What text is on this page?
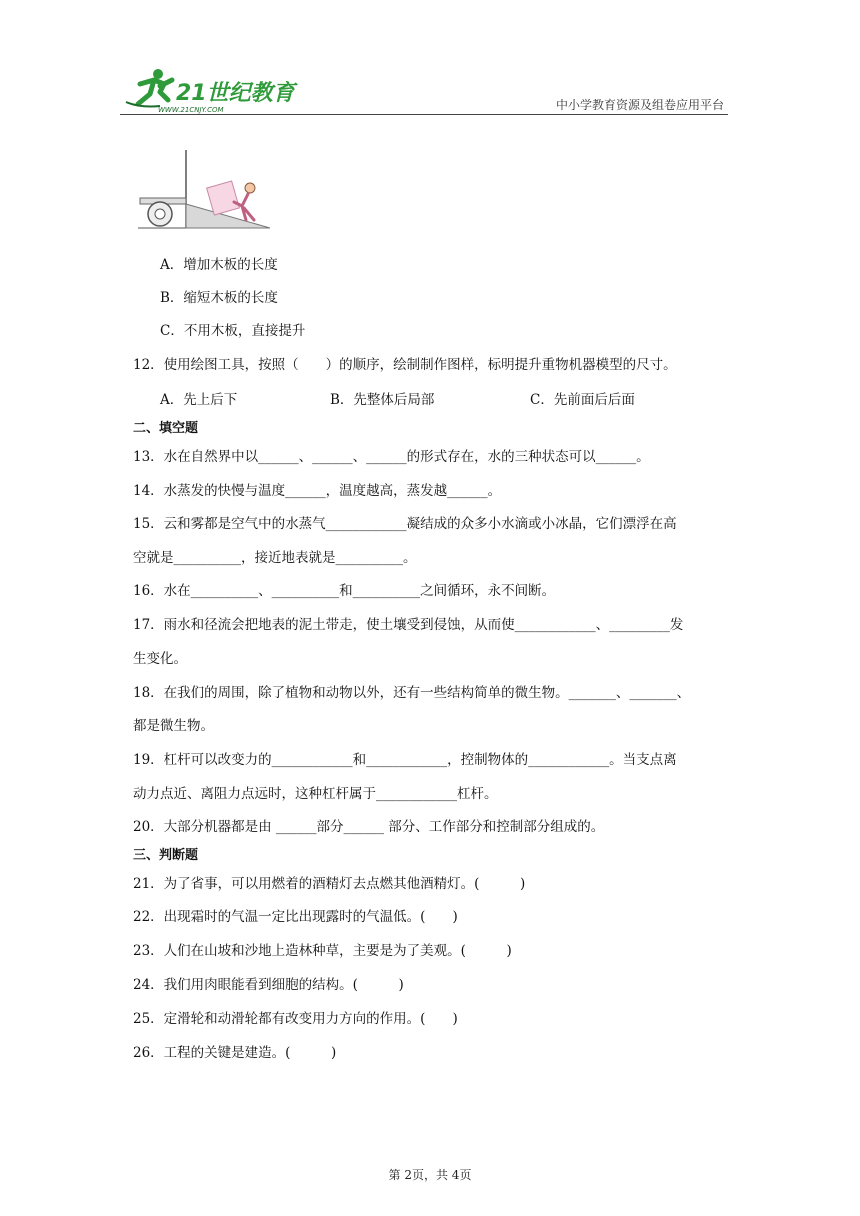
21世纪教育
WWW.21CNJY.COM	中小学教育资源及组卷应用平台
A．增加木板的长度
B．缩短木板的长度
C．不用木板，直接提升
12．使用绘图工具，按照（　　）的顺序，绘制制作图样，标明提升重物机器模型的尺寸。
A．先上后下	B．先整体后局部	C．先前面后后面
二、填空题
13．水在自然界中以______、______、______的形式存在，水的三种状态可以______。
14．水蒸发的快慢与温度______，温度越高，蒸发越______。
15．云和雾都是空气中的水蒸气____________凝结成的众多小水滴或小冰晶，它们漂浮在高
空就是__________，接近地表就是__________。
16．水在__________、__________和__________之间循环，永不间断。
17．雨水和径流会把地表的泥土带走，使土壤受到侵蚀，从而使____________、_________发
生变化。
18．在我们的周围，除了植物和动物以外，还有一些结构简单的微生物。_______、_______、
都是微生物。
19．杠杆可以改变力的____________和____________，控制物体的____________。当支点离
动力点近、离阻力点远时，这种杠杆属于____________杠杆。
20．大部分机器都是由 ______部分______ 部分、工作部分和控制部分组成的。
三、判断题
21．为了省事，可以用燃着的酒精灯去点燃其他酒精灯。(　　　)
22．出现霜时的气温一定比出现露时的气温低。(　　)
23．人们在山坡和沙地上造林种草，主要是为了美观。(　　　)
24．我们用肉眼能看到细胞的结构。(　　　)
25．定滑轮和动滑轮都有改变用力方向的作用。(　　)
26．工程的关键是建造。(　　　)
第 2页，共 4页
